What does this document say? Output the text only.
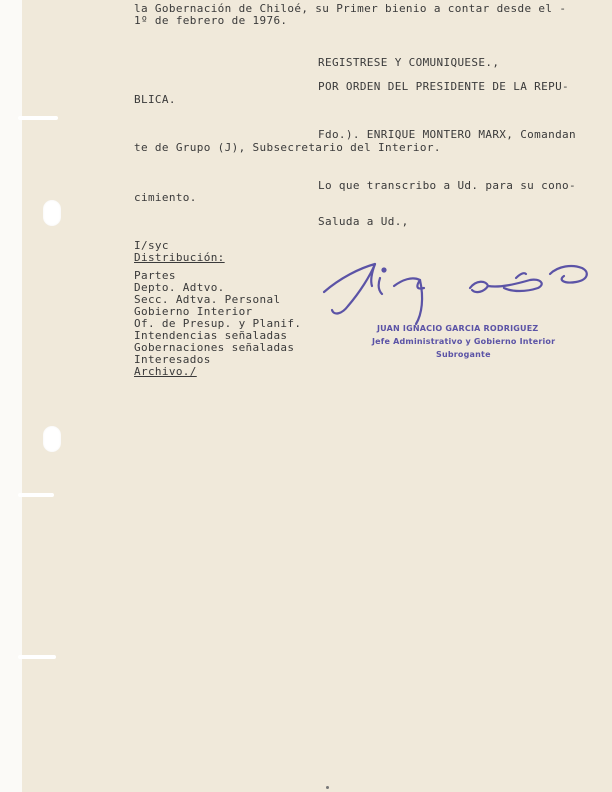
la Gobernación de Chiloé, su Primer bienio a contar desde el -
1º de febrero de 1976.
REGISTRESE Y COMUNIQUESE.,
POR ORDEN DEL PRESIDENTE DE LA REPU-
BLICA.
Fdo.). ENRIQUE MONTERO MARX, Comandan
te de Grupo (J), Subsecretario del Interior.
Lo que transcribo a Ud. para su cono-
cimiento.
Saluda a Ud.,
I/syc
Distribución:
Partes
Depto. Adtvo.
Secc. Adtva. Personal
Gobierno Interior
Of. de Presup. y Planif.
Intendencias señaladas
Gobernaciones señaladas
Interesados
Archivo./
JUAN IGNACIO GARCIA RODRIGUEZ
Jefe Administrativo y Gobierno Interior
Subrogante
